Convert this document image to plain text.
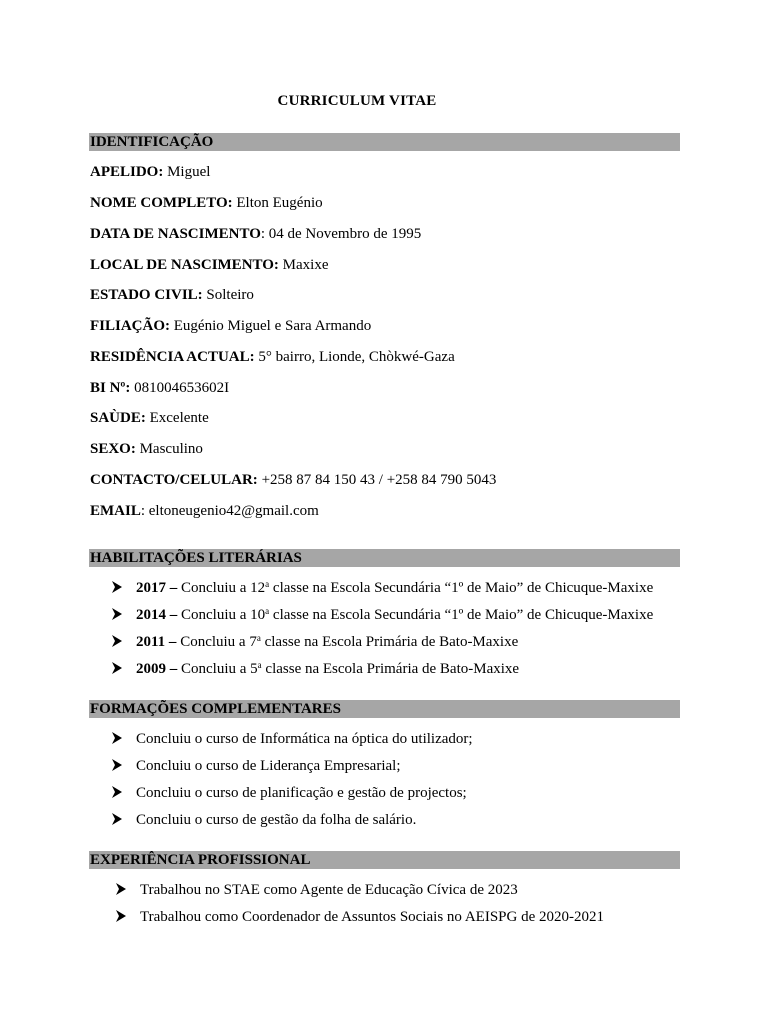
CURRICULUM VITAE
IDENTIFICAÇÃO
APELIDO: Miguel
NOME COMPLETO: Elton Eugénio
DATA DE NASCIMENTO: 04 de Novembro de 1995
LOCAL DE NASCIMENTO: Maxixe
ESTADO CIVIL: Solteiro
FILIAÇÃO: Eugénio Miguel e Sara Armando
RESIDÊNCIA ACTUAL: 5° bairro, Lionde, Chòkwé-Gaza
BI Nº: 081004653602I
SAÙDE: Excelente
SEXO: Masculino
CONTACTO/CELULAR: +258 87 84 150 43 / +258 84 790 5043
EMAIL: eltoneugenio42@gmail.com
HABILITAÇÕES LITERÁRIAS
2017 – Concluiu a 12$^a$ classe na Escola Secundária “1º de Maio” de Chicuque-Maxixe
2014 – Concluiu a 10$^a$ classe na Escola Secundária “1º de Maio” de Chicuque-Maxixe
2011 – Concluiu a 7$^a$ classe na Escola Primária de Bato-Maxixe
2009 – Concluiu a 5$^a$ classe na Escola Primária de Bato-Maxixe
FORMAÇÕES COMPLEMENTARES
Concluiu o curso de Informática na óptica do utilizador;
Concluiu o curso de Liderança Empresarial;
Concluiu o curso de planificação e gestão de projectos;
Concluiu o curso de gestão da folha de salário.
EXPERIÊNCIA PROFISSIONAL
Trabalhou no STAE como Agente de Educação Cívica de 2023
Trabalhou como Coordenador de Assuntos Sociais no AEISPG de 2020-2021
